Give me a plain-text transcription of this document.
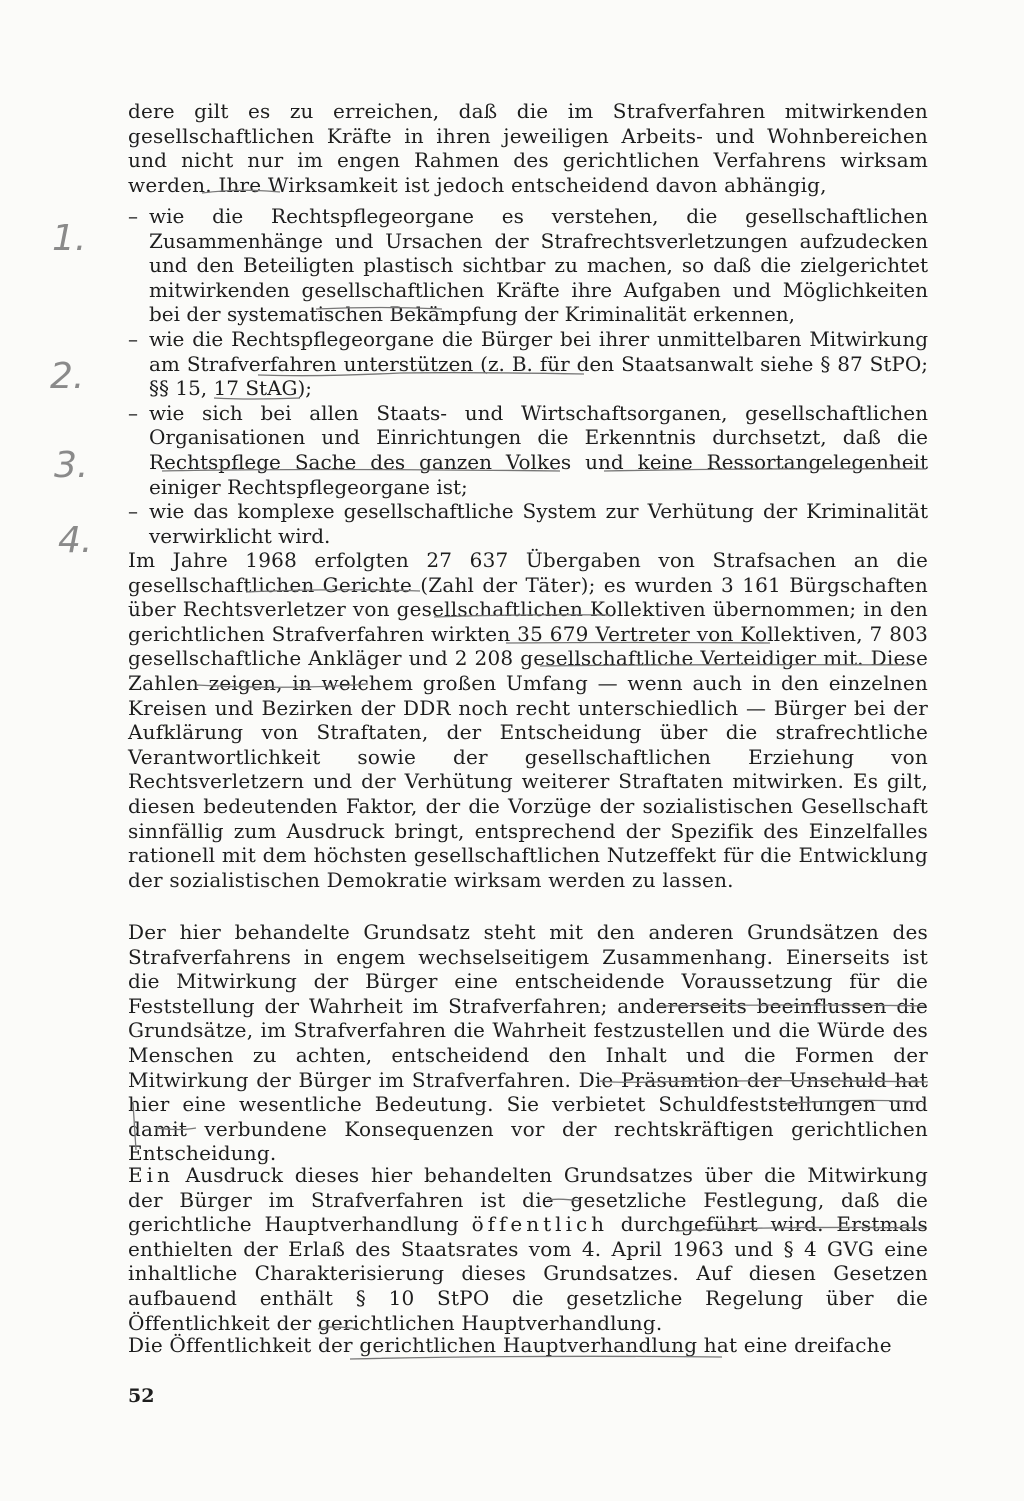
dere gilt es zu erreichen, daß die im Strafverfahren mitwirkenden gesellschaftlichen Kräfte in ihren jeweiligen Arbeits- und Wohnbereichen und nicht nur im engen Rahmen des gerichtlichen Verfahrens wirksam werden. Ihre Wirksamkeit ist jedoch entscheidend davon abhängig,

– wie die Rechtspflegeorgane es verstehen, die gesellschaftlichen Zusammenhänge und Ursachen der Strafrechtsverletzungen aufzudecken und den Beteiligten plastisch sichtbar zu machen, so daß die zielgerichtet mitwirkenden gesellschaftlichen Kräfte ihre Aufgaben und Möglichkeiten bei der systematischen Bekämpfung der Kriminalität erkennen,
– wie die Rechtspflegeorgane die Bürger bei ihrer unmittelbaren Mitwirkung am Strafverfahren unterstützen (z. B. für den Staatsanwalt siehe § 87 StPO; §§ 15, 17 StAG);
– wie sich bei allen Staats- und Wirtschaftsorganen, gesellschaftlichen Organisationen und Einrichtungen die Erkenntnis durchsetzt, daß die Rechtspflege Sache des ganzen Volkes und keine Ressortangelegenheit einiger Rechtspflegeorgane ist;
– wie das komplexe gesellschaftliche System zur Verhütung der Kriminalität verwirklicht wird.

Im Jahre 1968 erfolgten 27 637 Übergaben von Strafsachen an die gesellschaftlichen Gerichte (Zahl der Täter); es wurden 3 161 Bürgschaften über Rechtsverletzer von gesellschaftlichen Kollektiven übernommen; in den gerichtlichen Strafverfahren wirkten 35 679 Vertreter von Kollektiven, 7 803 gesellschaftliche Ankläger und 2 208 gesellschaftliche Verteidiger mit. Diese Zahlen zeigen, in welchem großen Umfang — wenn auch in den einzelnen Kreisen und Bezirken der DDR noch recht unterschiedlich — Bürger bei der Aufklärung von Straftaten, der Entscheidung über die strafrechtliche Verantwortlichkeit sowie der gesellschaftlichen Erziehung von Rechtsverletzern und der Verhütung weiterer Straftaten mitwirken. Es gilt, diesen bedeutenden Faktor, der die Vorzüge der sozialistischen Gesellschaft sinnfällig zum Ausdruck bringt, entsprechend der Spezifik des Einzelfalles rationell mit dem höchsten gesellschaftlichen Nutzeffekt für die Entwicklung der sozialistischen Demokratie wirksam werden zu lassen.

Der hier behandelte Grundsatz steht mit den anderen Grundsätzen des Strafverfahrens in engem wechselseitigem Zusammenhang. Einerseits ist die Mitwirkung der Bürger eine entscheidende Voraussetzung für die Feststellung der Wahrheit im Strafverfahren; andererseits beeinflussen die Grundsätze, im Strafverfahren die Wahrheit festzustellen und die Würde des Menschen zu achten, entscheidend den Inhalt und die Formen der Mitwirkung der Bürger im Strafverfahren. Die Präsumtion der Unschuld hat hier eine wesentliche Bedeutung. Sie verbietet Schuldfeststellungen und damit verbundene Konsequenzen vor der rechtskräftigen gerichtlichen Entscheidung.

Ein Ausdruck dieses hier behandelten Grundsatzes über die Mitwirkung der Bürger im Strafverfahren ist die gesetzliche Festlegung, daß die gerichtliche Hauptverhandlung öffentlich durchgeführt wird. Erstmals enthielten der Erlaß des Staatsrates vom 4. April 1963 und § 4 GVG eine inhaltliche Charakterisierung dieses Grundsatzes. Auf diesen Gesetzen aufbauend enthält § 10 StPO die gesetzliche Regelung über die Öffentlichkeit der gerichtlichen Hauptverhandlung.

Die Öffentlichkeit der gerichtlichen Hauptverhandlung hat eine dreifache

52
1.
2.
3.
4.
